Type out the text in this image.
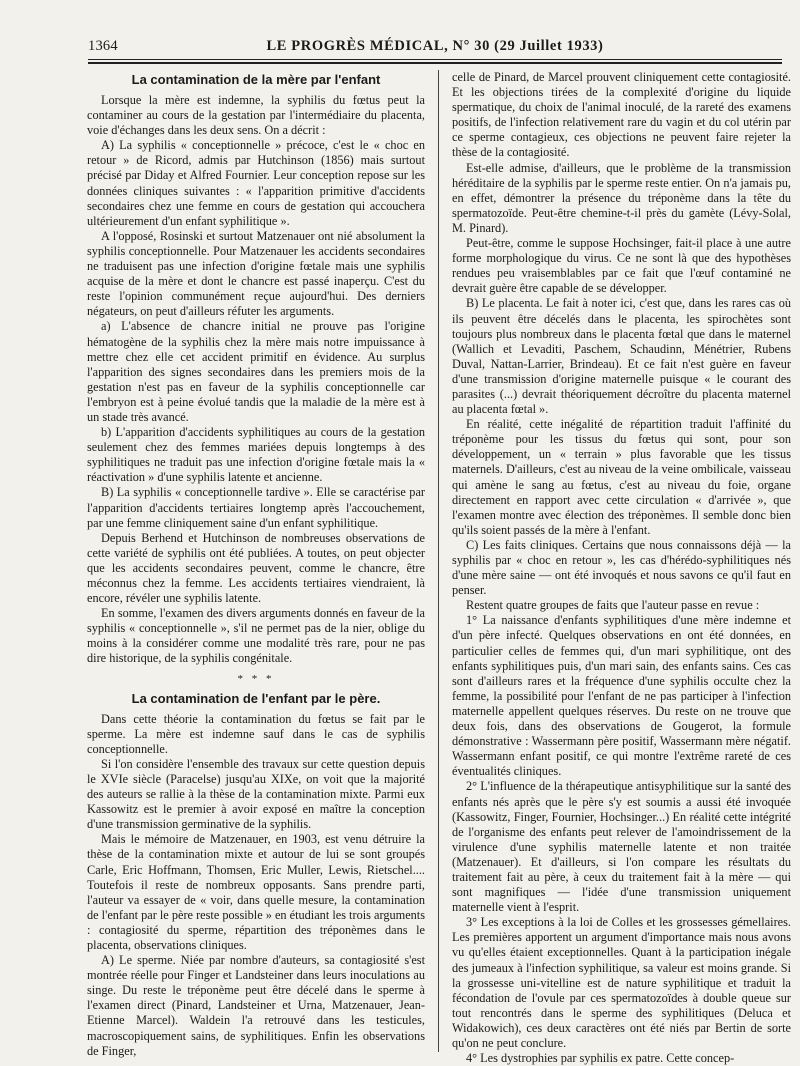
1364	LE PROGRÈS MÉDICAL, N° 30 (29 Juillet 1933)
La contamination de la mère par l'enfant

Lorsque la mère est indemne, la syphilis du fœtus peut la contaminer au cours de la gestation par l'intermédiaire du placenta, voie d'échanges dans les deux sens. On a décrit :

A) La syphilis « conceptionnelle » précoce, c'est le « choc en retour » de Ricord, admis par Hutchinson (1856) mais surtout précisé par Diday et Alfred Fournier. Leur conception repose sur les données cliniques suivantes : « l'apparition primitive d'accidents secondaires chez une femme en cours de gestation qui accouchera ultérieurement d'un enfant syphilitique ».

A l'opposé, Rosinski et surtout Matzenauer ont nié absolument la syphilis conceptionnelle. Pour Matzenauer les accidents secondaires ne traduisent pas une infection d'origine fœtale mais une syphilis acquise de la mère et dont le chancre est passé inaperçu. C'est du reste l'opinion communément reçue aujourd'hui. Des derniers négateurs, on peut d'ailleurs réfuter les arguments.

a) L'absence de chancre initial ne prouve pas l'origine hématogène de la syphilis chez la mère mais notre impuissance à mettre chez elle cet accident primitif en évidence. Au surplus l'apparition des signes secondaires dans les premiers mois de la gestation n'est pas en faveur de la syphilis conceptionnelle car l'embryon est à peine évolué tandis que la maladie de la mère est à un stade très avancé.

b) L'apparition d'accidents syphilitiques au cours de la gestation seulement chez des femmes mariées depuis longtemps à des syphilitiques ne traduit pas une infection d'origine fœtale mais la « réactivation » d'une syphilis latente et ancienne.

B) La syphilis « conceptionnelle tardive ». Elle se caractérise par l'apparition d'accidents tertiaires longtemp après l'accouchement, par une femme cliniquement saine d'un enfant syphilitique.

Depuis Berhend et Hutchinson de nombreuses observations de cette variété de syphilis ont été publiées. A toutes, on peut objecter que les accidents secondaires peuvent, comme le chancre, être méconnus chez la femme. Les accidents tertiaires viendraient, là encore, révéler une syphilis latente.

En somme, l'examen des divers arguments donnés en faveur de la syphilis « conceptionnelle », s'il ne permet pas de la nier, oblige du moins à la considérer comme une modalité très rare, pour ne pas dire historique, de la syphilis congénitale.

* * *
La contamination de l'enfant par le père.

Dans cette théorie la contamination du fœtus se fait par le sperme. La mère est indemne sauf dans le cas de syphilis conceptionnelle.

Si l'on considère l'ensemble des travaux sur cette question depuis le XVIe siècle (Paracelse) jusqu'au XIXe, on voit que la majorité des auteurs se rallie à la thèse de la contamination mixte. Parmi eux Kassowitz est le premier à avoir exposé en maître la conception d'une transmission germinative de la syphilis.

Mais le mémoire de Matzenauer, en 1903, est venu détruire la thèse de la contamination mixte et autour de lui se sont groupés Carle, Eric Hoffmann, Thomsen, Eric Muller, Lewis, Rietschel.... Toutefois il reste de nombreux opposants. Sans prendre parti, l'auteur va essayer de « voir, dans quelle mesure, la contamination de l'enfant par le père reste possible » en étudiant les trois arguments : contagiosité du sperme, répartition des tréponèmes dans le placenta, observations cliniques.

A) Le sperme. Niée par nombre d'auteurs, sa contagiosité s'est montrée réelle pour Finger et Landsteiner dans leurs inoculations au singe. Du reste le tréponème peut être décelé dans le sperme à l'examen direct (Pinard, Landsteiner et Urna, Matzenauer, Jean-Etienne Marcel). Waldein l'a retrouvé dans les testicules, macroscopiquement sains, de syphilitiques. Enfin les observations de Finger,

celle de Pinard, de Marcel prouvent cliniquement cette contagiosité. Et les objections tirées de la complexité d'origine du liquide spermatique, du choix de l'animal inoculé, de la rareté des examens positifs, de l'infection relativement rare du vagin et du col utérin par ce sperme contagieux, ces objections ne peuvent faire rejeter la thèse de la contagiosité.

Est-elle admise, d'ailleurs, que le problème de la transmission héréditaire de la syphilis par le sperme reste entier. On n'a jamais pu, en effet, démontrer la présence du tréponème dans la tête du spermatozoïde. Peut-être chemine-t-il près du gamète (Lévy-Solal, M. Pinard).

Peut-être, comme le suppose Hochsinger, fait-il place à une autre forme morphologique du virus. Ce ne sont là que des hypothèses rendues peu vraisemblables par ce fait que l'œuf contaminé ne devrait guère être capable de se développer.

B) Le placenta. Le fait à noter ici, c'est que, dans les rares cas où ils peuvent être décelés dans le placenta, les spirochètes sont toujours plus nombreux dans le placenta fœtal que dans le maternel (Wallich et Levaditi, Paschem, Schaudinn, Ménétrier, Rubens Duval, Nattan-Larrier, Brindeau). Et ce fait n'est guère en faveur d'une transmission d'origine maternelle puisque « le courant des parasites (...) devrait théoriquement décroître du placenta maternel au placenta fœtal ».

En réalité, cette inégalité de répartition traduit l'affinité du tréponème pour les tissus du fœtus qui sont, pour son développement, un « terrain » plus favorable que les tissus maternels. D'ailleurs, c'est au niveau de la veine ombilicale, vaisseau qui amène le sang au fœtus, c'est au niveau du foie, organe directement en rapport avec cette circulation « d'arrivée », que l'examen montre avec élection des tréponèmes. Il semble donc bien qu'ils soient passés de la mère à l'enfant.

C) Les faits cliniques. Certains que nous connaissons déjà — la syphilis par « choc en retour », les cas d'hérédo-syphilitiques nés d'une mère saine — ont été invoqués et nous savons ce qu'il faut en penser.

Restent quatre groupes de faits que l'auteur passe en revue :

1° La naissance d'enfants syphilitiques d'une mère indemne et d'un père infecté. Quelques observations en ont été données, en particulier celles de femmes qui, d'un mari syphilitique, ont des enfants syphilitiques puis, d'un mari sain, des enfants sains. Ces cas sont d'ailleurs rares et la fréquence d'une syphilis occulte chez la femme, la possibilité pour l'enfant de ne pas participer à l'infection maternelle appellent quelques réserves. Du reste on ne trouve que deux fois, dans des observations de Gougerot, la formule démonstrative : Wassermann père positif, Wassermann mère négatif. Wassermann enfant positif, ce qui montre l'extrême rareté de ces éventualités cliniques.

2° L'influence de la thérapeutique antisyphilitique sur la santé des enfants nés après que le père s'y est soumis a aussi été invoquée (Kassowitz, Finger, Fournier, Hochsinger...) En réalité cette intégrité de l'organisme des enfants peut relever de l'amoindrissement de la virulence d'une syphilis maternelle latente et non traitée (Matzenauer). Et d'ailleurs, si l'on compare les résultats du traitement fait au père, à ceux du traitement fait à la mère — qui sont magnifiques — l'idée d'une transmission uniquement maternelle vient à l'esprit.

3° Les exceptions à la loi de Colles et les grossesses gémellaires. Les premières apportent un argument d'importance mais nous avons vu qu'elles étaient exceptionnelles. Quant à la participation inégale des jumeaux à l'infection syphilitique, sa valeur est moins grande. Si la grossesse uni-vitelline est de nature syphilitique et traduit la fécondation de l'ovule par ces spermatozoïdes à double queue sur tout rencontrés dans le sperme des syphilitiques (Deluca et Widakowich), ces deux caractères ont été niés par Bertin de sorte qu'on ne peut conclure.

4° Les dystrophies par syphilis ex patre. Cette concep-
